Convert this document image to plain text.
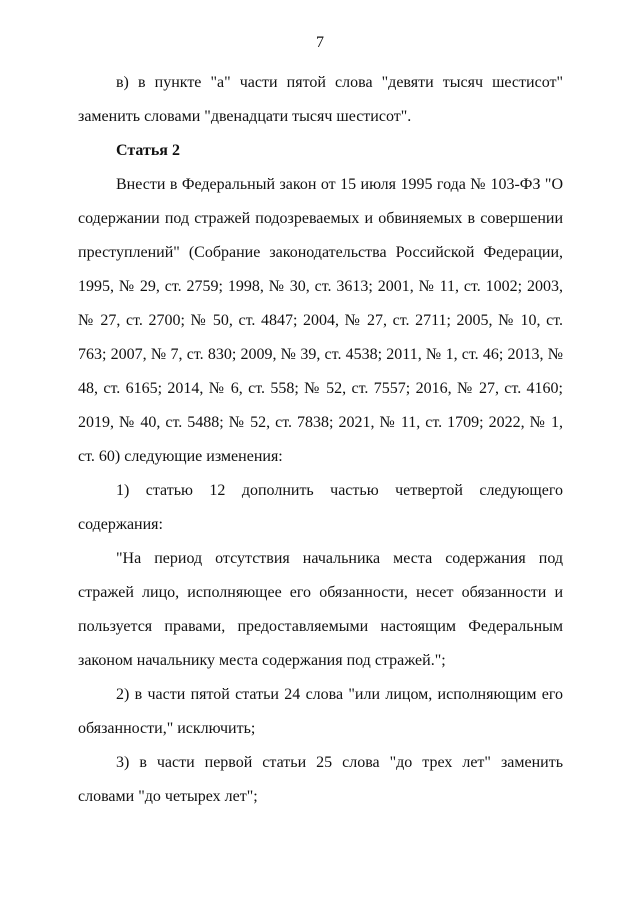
7

в) в пункте "а" части пятой слова "девяти тысяч шестисот" заменить словами "двенадцати тысяч шестисот".

Статья 2

Внести в Федеральный закон от 15 июля 1995 года № 103-ФЗ "О содержании под стражей подозреваемых и обвиняемых в совершении преступлений" (Собрание законодательства Российской Федерации, 1995, № 29, ст. 2759; 1998, № 30, ст. 3613; 2001, № 11, ст. 1002; 2003, № 27, ст. 2700; № 50, ст. 4847; 2004, № 27, ст. 2711; 2005, № 10, ст. 763; 2007, № 7, ст. 830; 2009, № 39, ст. 4538; 2011, № 1, ст. 46; 2013, № 48, ст. 6165; 2014, № 6, ст. 558; № 52, ст. 7557; 2016, № 27, ст. 4160; 2019, № 40, ст. 5488; № 52, ст. 7838; 2021, № 11, ст. 1709; 2022, № 1, ст. 60) следующие изменения:

1) статью 12 дополнить частью четвертой следующего содержания:

"На период отсутствия начальника места содержания под стражей лицо, исполняющее его обязанности, несет обязанности и пользуется правами, предоставляемыми настоящим Федеральным законом начальнику места содержания под стражей.";

2) в части пятой статьи 24 слова "или лицом, исполняющим его обязанности," исключить;

3) в части первой статьи 25 слова "до трех лет" заменить словами "до четырех лет";
